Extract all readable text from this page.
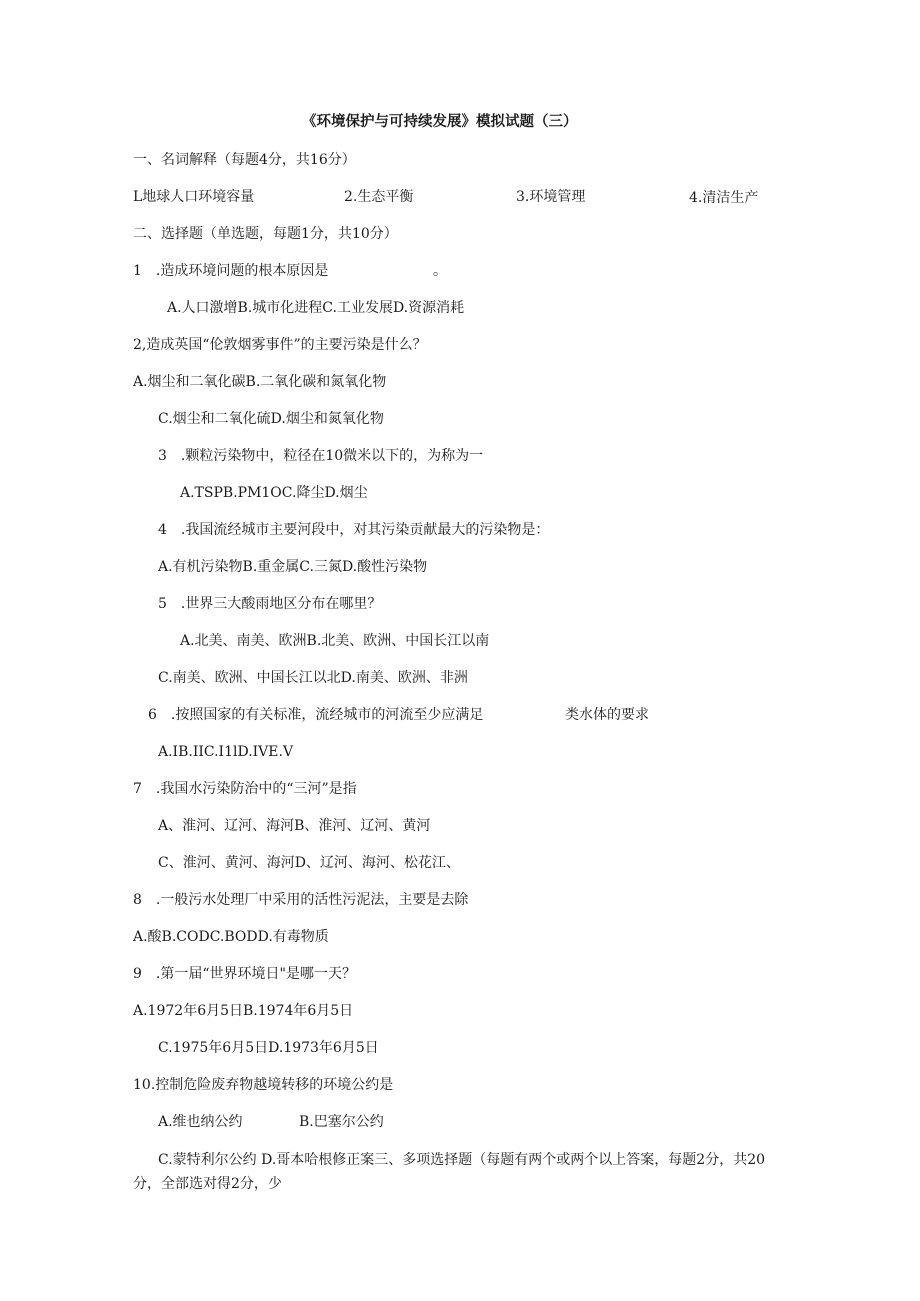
《环境保护与可持续发展》模拟试题（三）
一、名词解释（每题4分，共16分）
L地球人口环境容量	2.生态平衡	3.环境管理	4.清洁生产
二、选择题（单选题，每题1分，共10分）
1　.造成环境问题的根本原因是	。
A.人口激增B.城市化进程C.工业发展D.资源消耗
2,造成英国“伦敦烟雾事件”的主要污染是什么？
A.烟尘和二氧化碳B.二氧化碳和氮氧化物
C.烟尘和二氧化硫D.烟尘和氮氧化物
3　.颗粒污染物中，粒径在10微米以下的，为称为一
A.TSPB.PM1OC.降尘D.烟尘
4　.我国流经城市主要河段中，对其污染贡献最大的污染物是：
A.有机污染物B.重金属C.三氮D.酸性污染物
5　.世界三大酸雨地区分布在哪里？
A.北美、南美、欧洲B.北美、欧洲、中国长江以南
C.南美、欧洲、中国长江以北D.南美、欧洲、非洲
6　.按照国家的有关标准，流经城市的河流至少应满足	类水体的要求
A.IB.IIC.I1lD.IVE.V
7　.我国水污染防治中的“三河”是指
A、淮河、辽河、海河B、淮河、辽河、黄河
C、淮河、黄河、海河D、辽河、海河、松花江、
8　.一般污水处理厂中采用的活性污泥法，主要是去除
A.酸B.CODC.BODD.有毒物质
9　.第一届“世界环境日"是哪一天？
A.1972年6月5日B.1974年6月5日
C.1975年6月5日D.1973年6月5日
10.控制危险废弃物越境转移的环境公约是
A.维也纳公约	B.巴塞尔公约
C.蒙特利尔公约 D.哥本哈根修正案三、多项选择题（每题有两个或两个以上答案，每题2分，共20分，全部选对得2分，少
